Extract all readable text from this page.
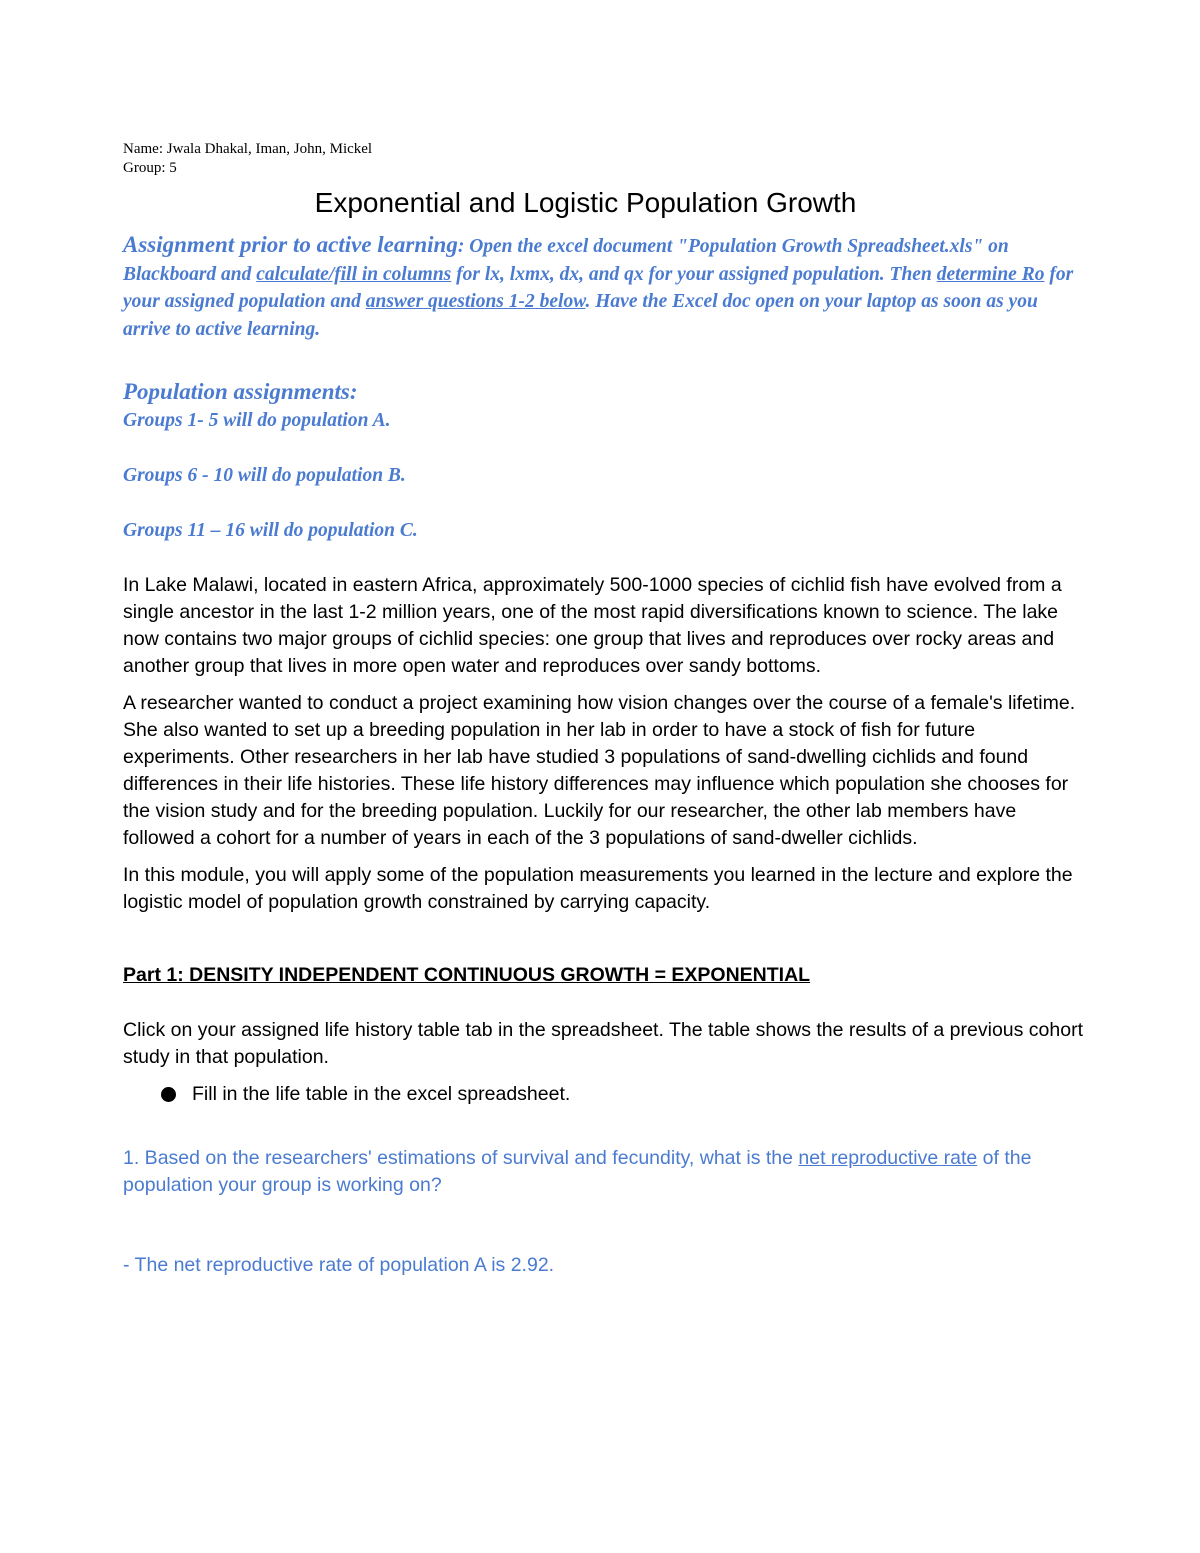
Name: Jwala Dhakal, Iman, John, Mickel
Group: 5
Exponential and Logistic Population Growth
Assignment prior to active learning: Open the excel document "Population Growth Spreadsheet.xls" on Blackboard and calculate/fill in columns for lx, lxmx, dx, and qx for your assigned population. Then determine Ro for your assigned population and answer questions 1-2 below. Have the Excel doc open on your laptop as soon as you arrive to active learning.
Population assignments:
Groups 1- 5 will do population A.
Groups 6 - 10 will do population B.
Groups 11 – 16 will do population C.

In Lake Malawi, located in eastern Africa, approximately 500-1000 species of cichlid fish have evolved from a single ancestor in the last 1-2 million years, one of the most rapid diversifications known to science. The lake now contains two major groups of cichlid species: one group that lives and reproduces over rocky areas and another group that lives in more open water and reproduces over sandy bottoms.

A researcher wanted to conduct a project examining how vision changes over the course of a female's lifetime. She also wanted to set up a breeding population in her lab in order to have a stock of fish for future experiments. Other researchers in her lab have studied 3 populations of sand-dwelling cichlids and found differences in their life histories. These life history differences may influence which population she chooses for the vision study and for the breeding population. Luckily for our researcher, the other lab members have followed a cohort for a number of years in each of the 3 populations of sand-dweller cichlids.

In this module, you will apply some of the population measurements you learned in the lecture and explore the logistic model of population growth constrained by carrying capacity.

Part 1: DENSITY INDEPENDENT CONTINUOUS GROWTH = EXPONENTIAL

Click on your assigned life history table tab in the spreadsheet. The table shows the results of a previous cohort study in that population.

Fill in the life table in the excel spreadsheet.
1. Based on the researchers' estimations of survival and fecundity, what is the net reproductive rate of the population your group is working on?
- The net reproductive rate of population A is 2.92.
